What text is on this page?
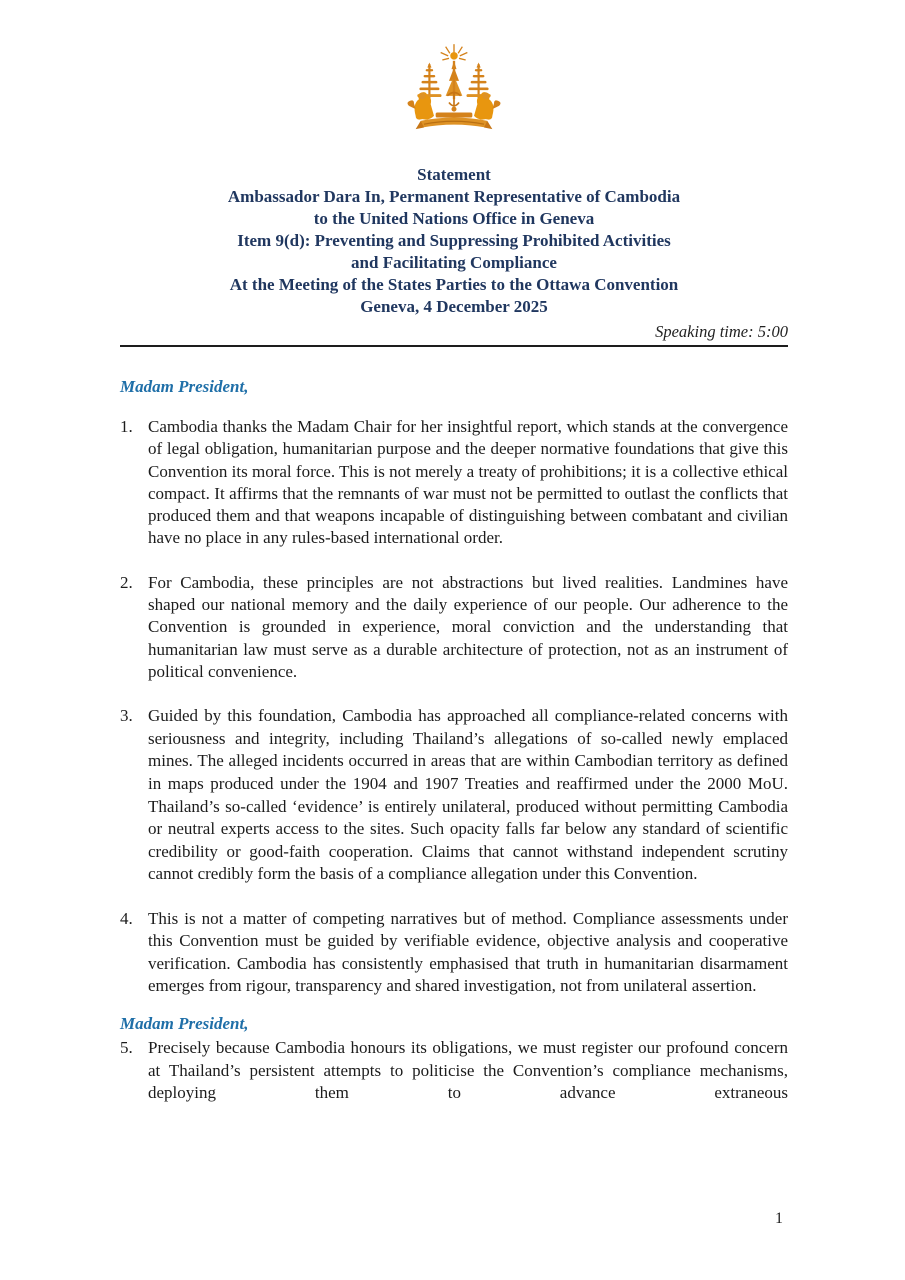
Statement
Ambassador Dara In, Permanent Representative of Cambodia
to the United Nations Office in Geneva
Item 9(d): Preventing and Suppressing Prohibited Activities
and Facilitating Compliance
At the Meeting of the States Parties to the Ottawa Convention
Geneva, 4 December 2025
Speaking time: 5:00
Madam President,
1. Cambodia thanks the Madam Chair for her insightful report, which stands at the convergence of legal obligation, humanitarian purpose and the deeper normative foundations that give this Convention its moral force. This is not merely a treaty of prohibitions; it is a collective ethical compact. It affirms that the remnants of war must not be permitted to outlast the conflicts that produced them and that weapons incapable of distinguishing between combatant and civilian have no place in any rules-based international order.
2. For Cambodia, these principles are not abstractions but lived realities. Landmines have shaped our national memory and the daily experience of our people. Our adherence to the Convention is grounded in experience, moral conviction and the understanding that humanitarian law must serve as a durable architecture of protection, not as an instrument of political convenience.
3. Guided by this foundation, Cambodia has approached all compliance-related concerns with seriousness and integrity, including Thailand’s allegations of so-called newly emplaced mines. The alleged incidents occurred in areas that are within Cambodian territory as defined in maps produced under the 1904 and 1907 Treaties and reaffirmed under the 2000 MoU. Thailand’s so-called ‘evidence’ is entirely unilateral, produced without permitting Cambodia or neutral experts access to the sites. Such opacity falls far below any standard of scientific credibility or good-faith cooperation. Claims that cannot withstand independent scrutiny cannot credibly form the basis of a compliance allegation under this Convention.
4. This is not a matter of competing narratives but of method. Compliance assessments under this Convention must be guided by verifiable evidence, objective analysis and cooperative verification. Cambodia has consistently emphasised that truth in humanitarian disarmament emerges from rigour, transparency and shared investigation, not from unilateral assertion.
Madam President,
5. Precisely because Cambodia honours its obligations, we must register our profound concern at Thailand’s persistent attempts to politicise the Convention’s compliance mechanisms, deploying them to advance extraneous
1
